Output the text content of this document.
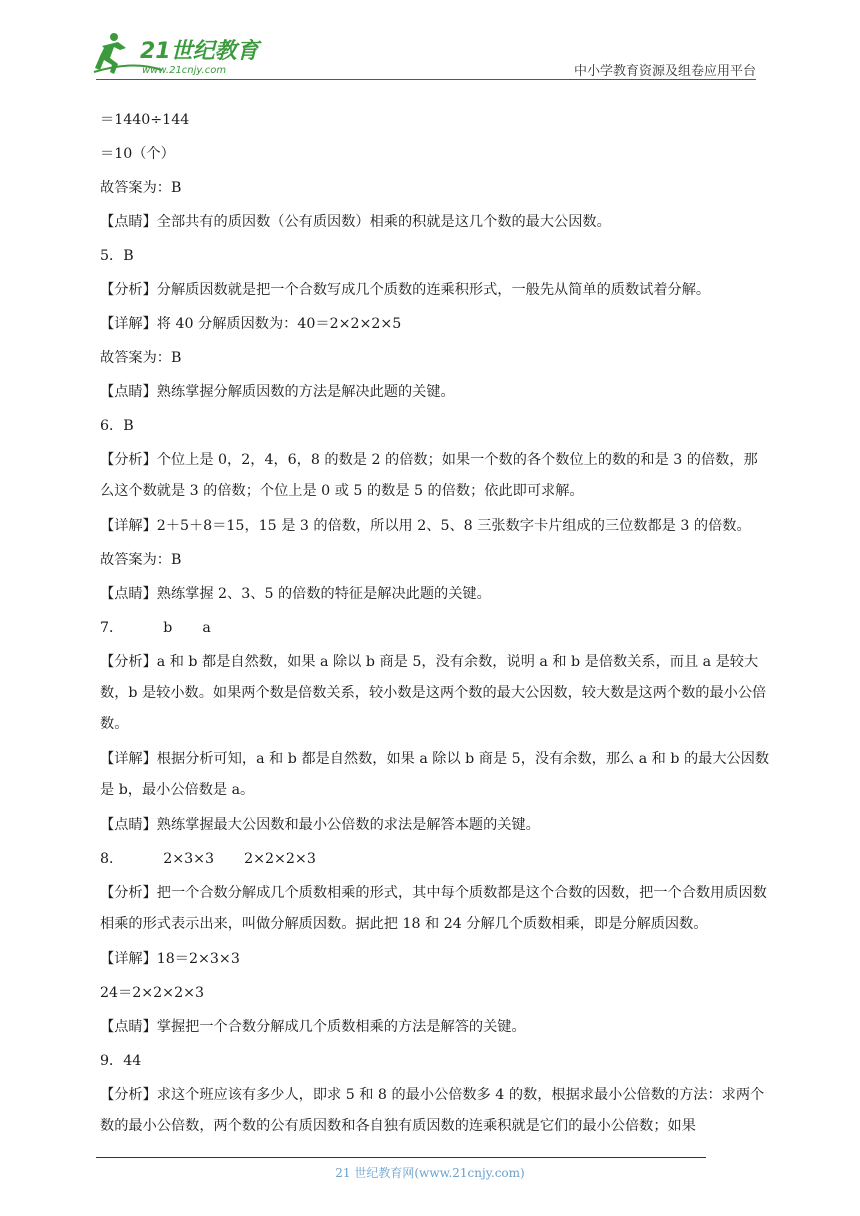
21世纪教育
www.21cnjy.com	中小学教育资源及组卷应用平台

＝1440÷144

＝10（个）

故答案为：B

【点睛】全部共有的质因数（公有质因数）相乘的积就是这几个数的最大公因数。

5．B

【分析】分解质因数就是把一个合数写成几个质数的连乘积形式，一般先从简单的质数试着分解。

【详解】将 40 分解质因数为：40＝2×2×2×5

故答案为：B

【点睛】熟练掌握分解质因数的方法是解决此题的关键。

6．B

【分析】个位上是 0，2，4，6，8 的数是 2 的倍数；如果一个数的各个数位上的数的和是 3 的倍数，那么这个数就是 3 的倍数；个位上是 0 或 5 的数是 5 的倍数；依此即可求解。

【详解】2＋5＋8＝15，15 是 3 的倍数，所以用 2、5、8 三张数字卡片组成的三位数都是 3 的倍数。

故答案为：B

【点睛】熟练掌握 2、3、5 的倍数的特征是解决此题的关键。

7．	b a

【分析】a 和 b 都是自然数，如果 a 除以 b 商是 5，没有余数，说明 a 和 b 是倍数关系，而且 a 是较大数，b 是较小数。如果两个数是倍数关系，较小数是这两个数的最大公因数，较大数是这两个数的最小公倍数。

【详解】根据分析可知，a 和 b 都是自然数，如果 a 除以 b 商是 5，没有余数，那么 a 和 b 的最大公因数是 b，最小公倍数是 a。

【点睛】熟练掌握最大公因数和最小公倍数的求法是解答本题的关键。

8．	2×3×3 2×2×2×3

【分析】把一个合数分解成几个质数相乘的形式，其中每个质数都是这个合数的因数，把一个合数用质因数相乘的形式表示出来，叫做分解质因数。据此把 18 和 24 分解几个质数相乘，即是分解质因数。

【详解】18＝2×3×3

24＝2×2×2×3

【点睛】掌握把一个合数分解成几个质数相乘的方法是解答的关键。

9．44

【分析】求这个班应该有多少人，即求 5 和 8 的最小公倍数多 4 的数，根据求最小公倍数的方法：求两个数的最小公倍数，两个数的公有质因数和各自独有质因数的连乘积就是它们的最小公倍数；如果

21 世纪教育网(www.21cnjy.com)
